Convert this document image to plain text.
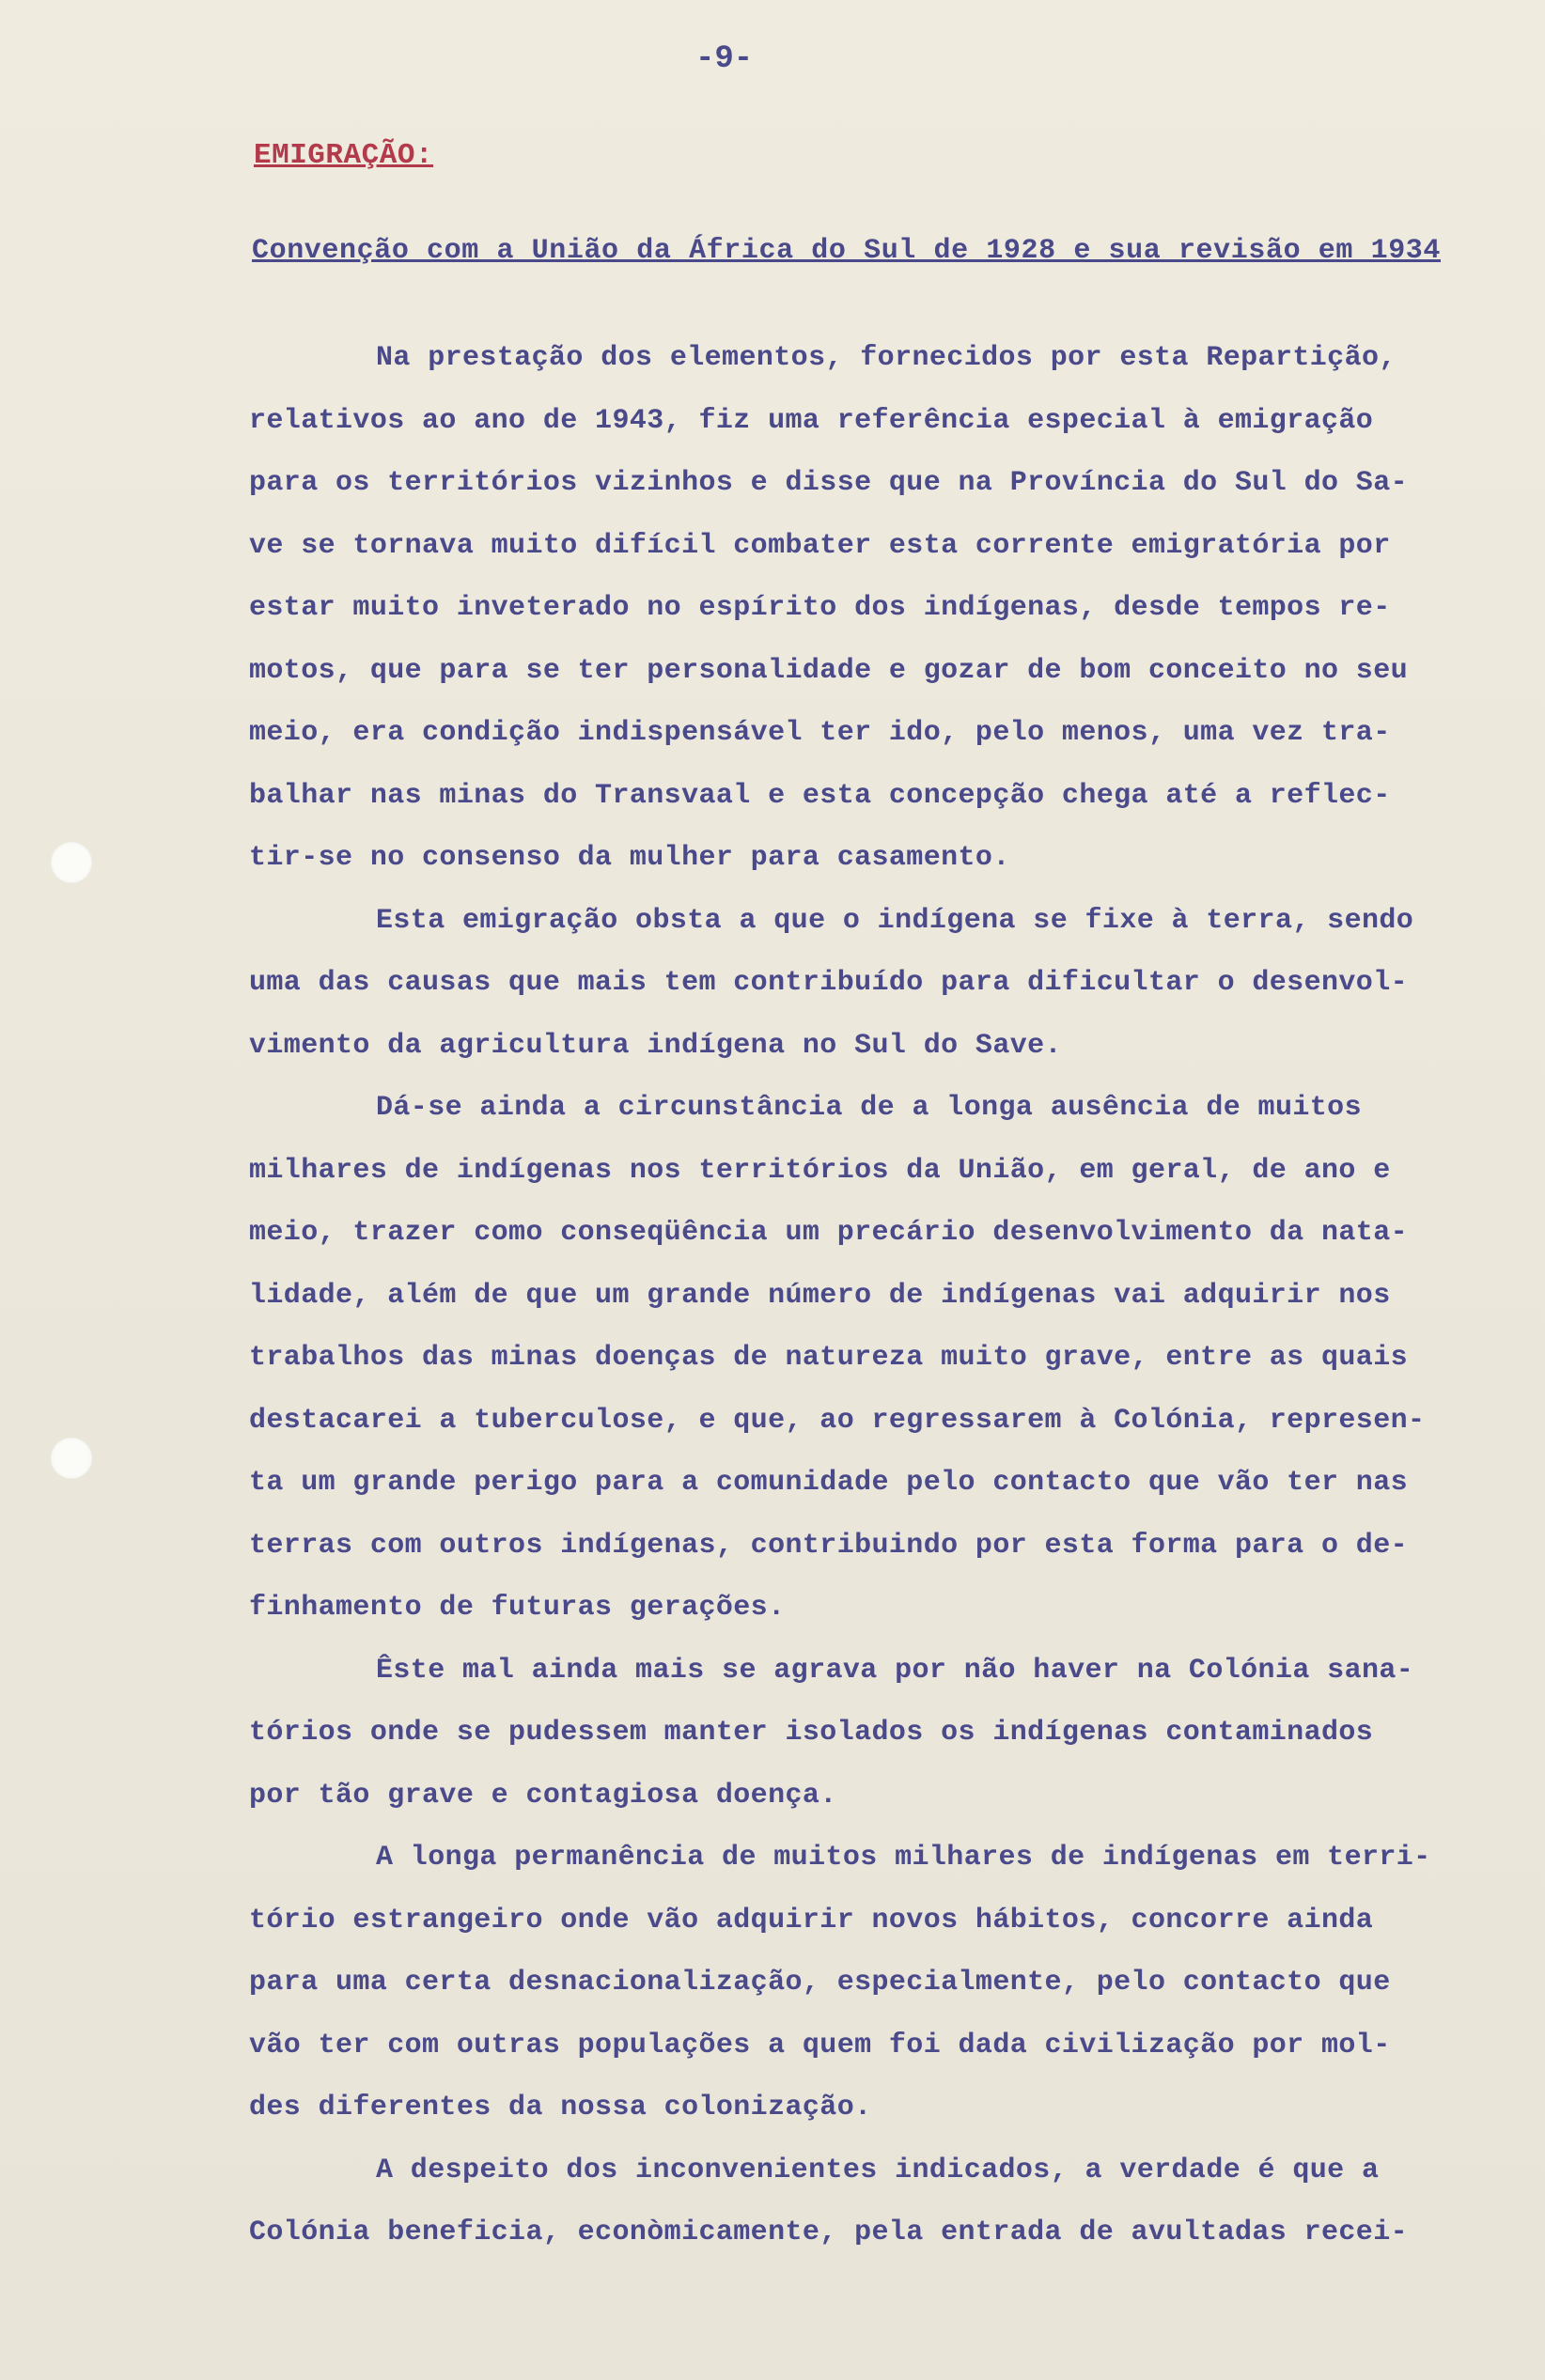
-9-
EMIGRAÇÃO:
Convenção com a União da África do Sul de 1928 e sua revisão em 1934
Na prestação dos elementos, fornecidos por esta Repartição,
relativos ao ano de 1943, fiz uma referência especial à emigração
para os territórios vizinhos e disse que na Província do Sul do Sa-
ve se tornava muito difícil combater esta corrente emigratória por
estar muito inveterado no espírito dos indígenas, desde tempos re-
motos, que para se ter personalidade e gozar de bom conceito no seu
meio, era condição indispensável ter ido, pelo menos, uma vez tra-
balhar nas minas do Transvaal e esta concepção chega até a reflec-
tir-se no consenso da mulher para casamento.
Esta emigração obsta a que o indígena se fixe à terra, sendo
uma das causas que mais tem contribuído para dificultar o desenvol-
vimento da agricultura indígena no Sul do Save.
Dá-se ainda a circunstância de a longa ausência de muitos
milhares de indígenas nos territórios da União, em geral, de ano e
meio, trazer como conseqüência um precário desenvolvimento da nata-
lidade, além de que um grande número de indígenas vai adquirir nos
trabalhos das minas doenças de natureza muito grave, entre as quais
destacarei a tuberculose, e que, ao regressarem à Colónia, represen-
ta um grande perigo para a comunidade pelo contacto que vão ter nas
terras com outros indígenas, contribuindo por esta forma para o de-
finhamento de futuras gerações.
Êste mal ainda mais se agrava por não haver na Colónia sana-
tórios onde se pudessem manter isolados os indígenas contaminados
por tão grave e contagiosa doença.
A longa permanência de muitos milhares de indígenas em terri-
tório estrangeiro onde vão adquirir novos hábitos, concorre ainda
para uma certa desnacionalização, especialmente, pelo contacto que
vão ter com outras populações a quem foi dada civilização por mol-
des diferentes da nossa colonização.
A despeito dos inconvenientes indicados, a verdade é que a
Colónia beneficia, econòmicamente, pela entrada de avultadas recei-
